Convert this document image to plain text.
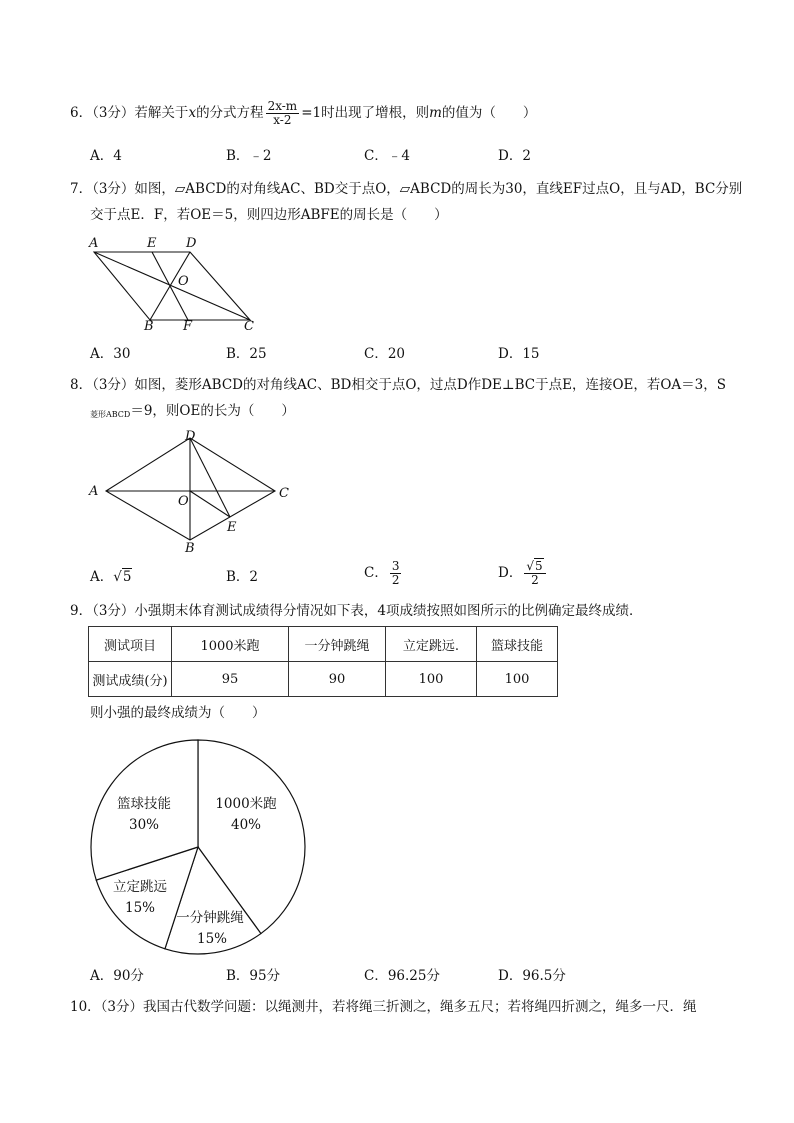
6．（3分）若解关于x的分式方程 $\frac{2x-m}{x-2} =1$时出现了增根，则m的值为（　　）
A．4	B．﹣2	C．﹣4	D．2
7．（3分）如图，▱ABCD的对角线AC、BD交于点O，▱ABCD的周长为30，直线EF过点O，且与AD，BC分别
交于点E．F，若OE＝5，则四边形ABFE的周长是（　　）
A	E D
O
B F	C
A．30	B．25	C．20	D．15
8．（3分）如图，菱形ABCD的对角线AC、BD相交于点O，过点D作DE⊥BC于点E，连接OE，若OA＝3，S
$_{菱形ABCD}$＝9，则OE的长为（　　）
D
A
O
C
E
B
A．√5	B．2	C． $\frac{3}{2}$	D． $\frac{√5}{2}$
9．（3分）小强期末体育测试成绩得分情况如下表，4项成绩按照如图所示的比例确定最终成绩．
测试项目	1000米跑	一分钟跳绳	立定跳远.	篮球技能
测试成绩(分)	95	90	100	100
则小强的最终成绩为（　　）
1000米跑
40%
一分钟跳绳
15%
立定跳远
15%
篮球技能
30%
A．90分	B．95分	C．96.25分	D．96.5分
10．（3分）我国古代数学问题：以绳测井，若将绳三折测之，绳多五尺；若将绳四折测之，绳多一尺．绳
